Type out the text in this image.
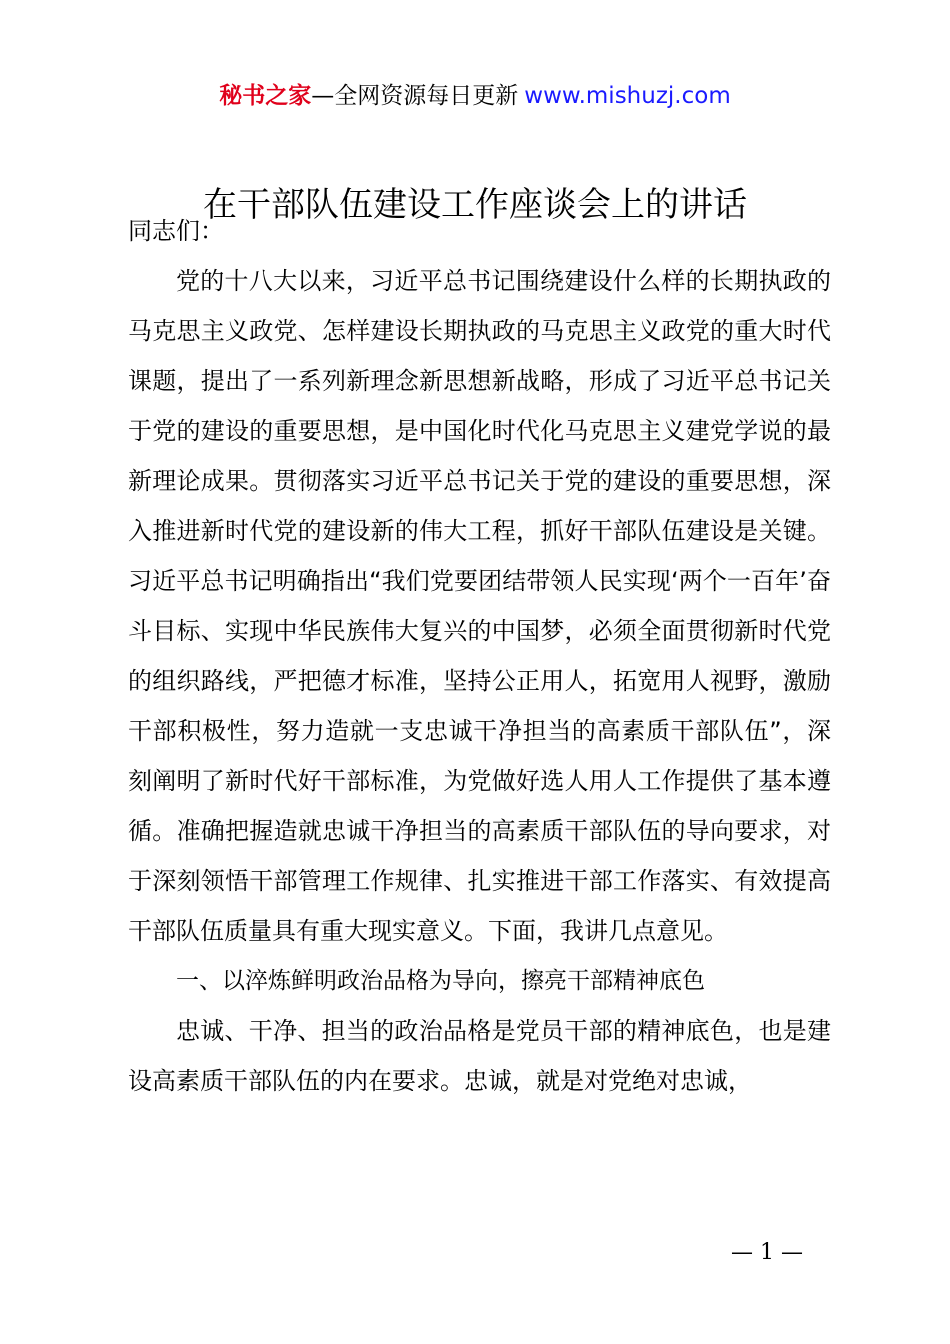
秘书之家—全网资源每日更新 www.mishuzj.com
在干部队伍建设工作座谈会上的讲话

同志们：

党的十八大以来，习近平总书记围绕建设什么样的长期执政的马克思主义政党、怎样建设长期执政的马克思主义政党的重大时代课题，提出了一系列新理念新思想新战略，形成了习近平总书记关于党的建设的重要思想，是中国化时代化马克思主义建党学说的最新理论成果。贯彻落实习近平总书记关于党的建设的重要思想，深入推进新时代党的建设新的伟大工程，抓好干部队伍建设是关键。习近平总书记明确指出“我们党要团结带领人民实现‘两个一百年’奋斗目标、实现中华民族伟大复兴的中国梦，必须全面贯彻新时代党的组织路线，严把德才标准，坚持公正用人，拓宽用人视野，激励干部积极性，努力造就一支忠诚干净担当的高素质干部队伍”，深刻阐明了新时代好干部标准，为党做好选人用人工作提供了基本遵循。准确把握造就忠诚干净担当的高素质干部队伍的导向要求，对于深刻领悟干部管理工作规律、扎实推进干部工作落实、有效提高干部队伍质量具有重大现实意义。下面，我讲几点意见。

一、以淬炼鲜明政治品格为导向，擦亮干部精神底色

忠诚、干净、担当的政治品格是党员干部的精神底色，也是建设高素质干部队伍的内在要求。忠诚，就是对党绝对忠诚，

— 1 —
